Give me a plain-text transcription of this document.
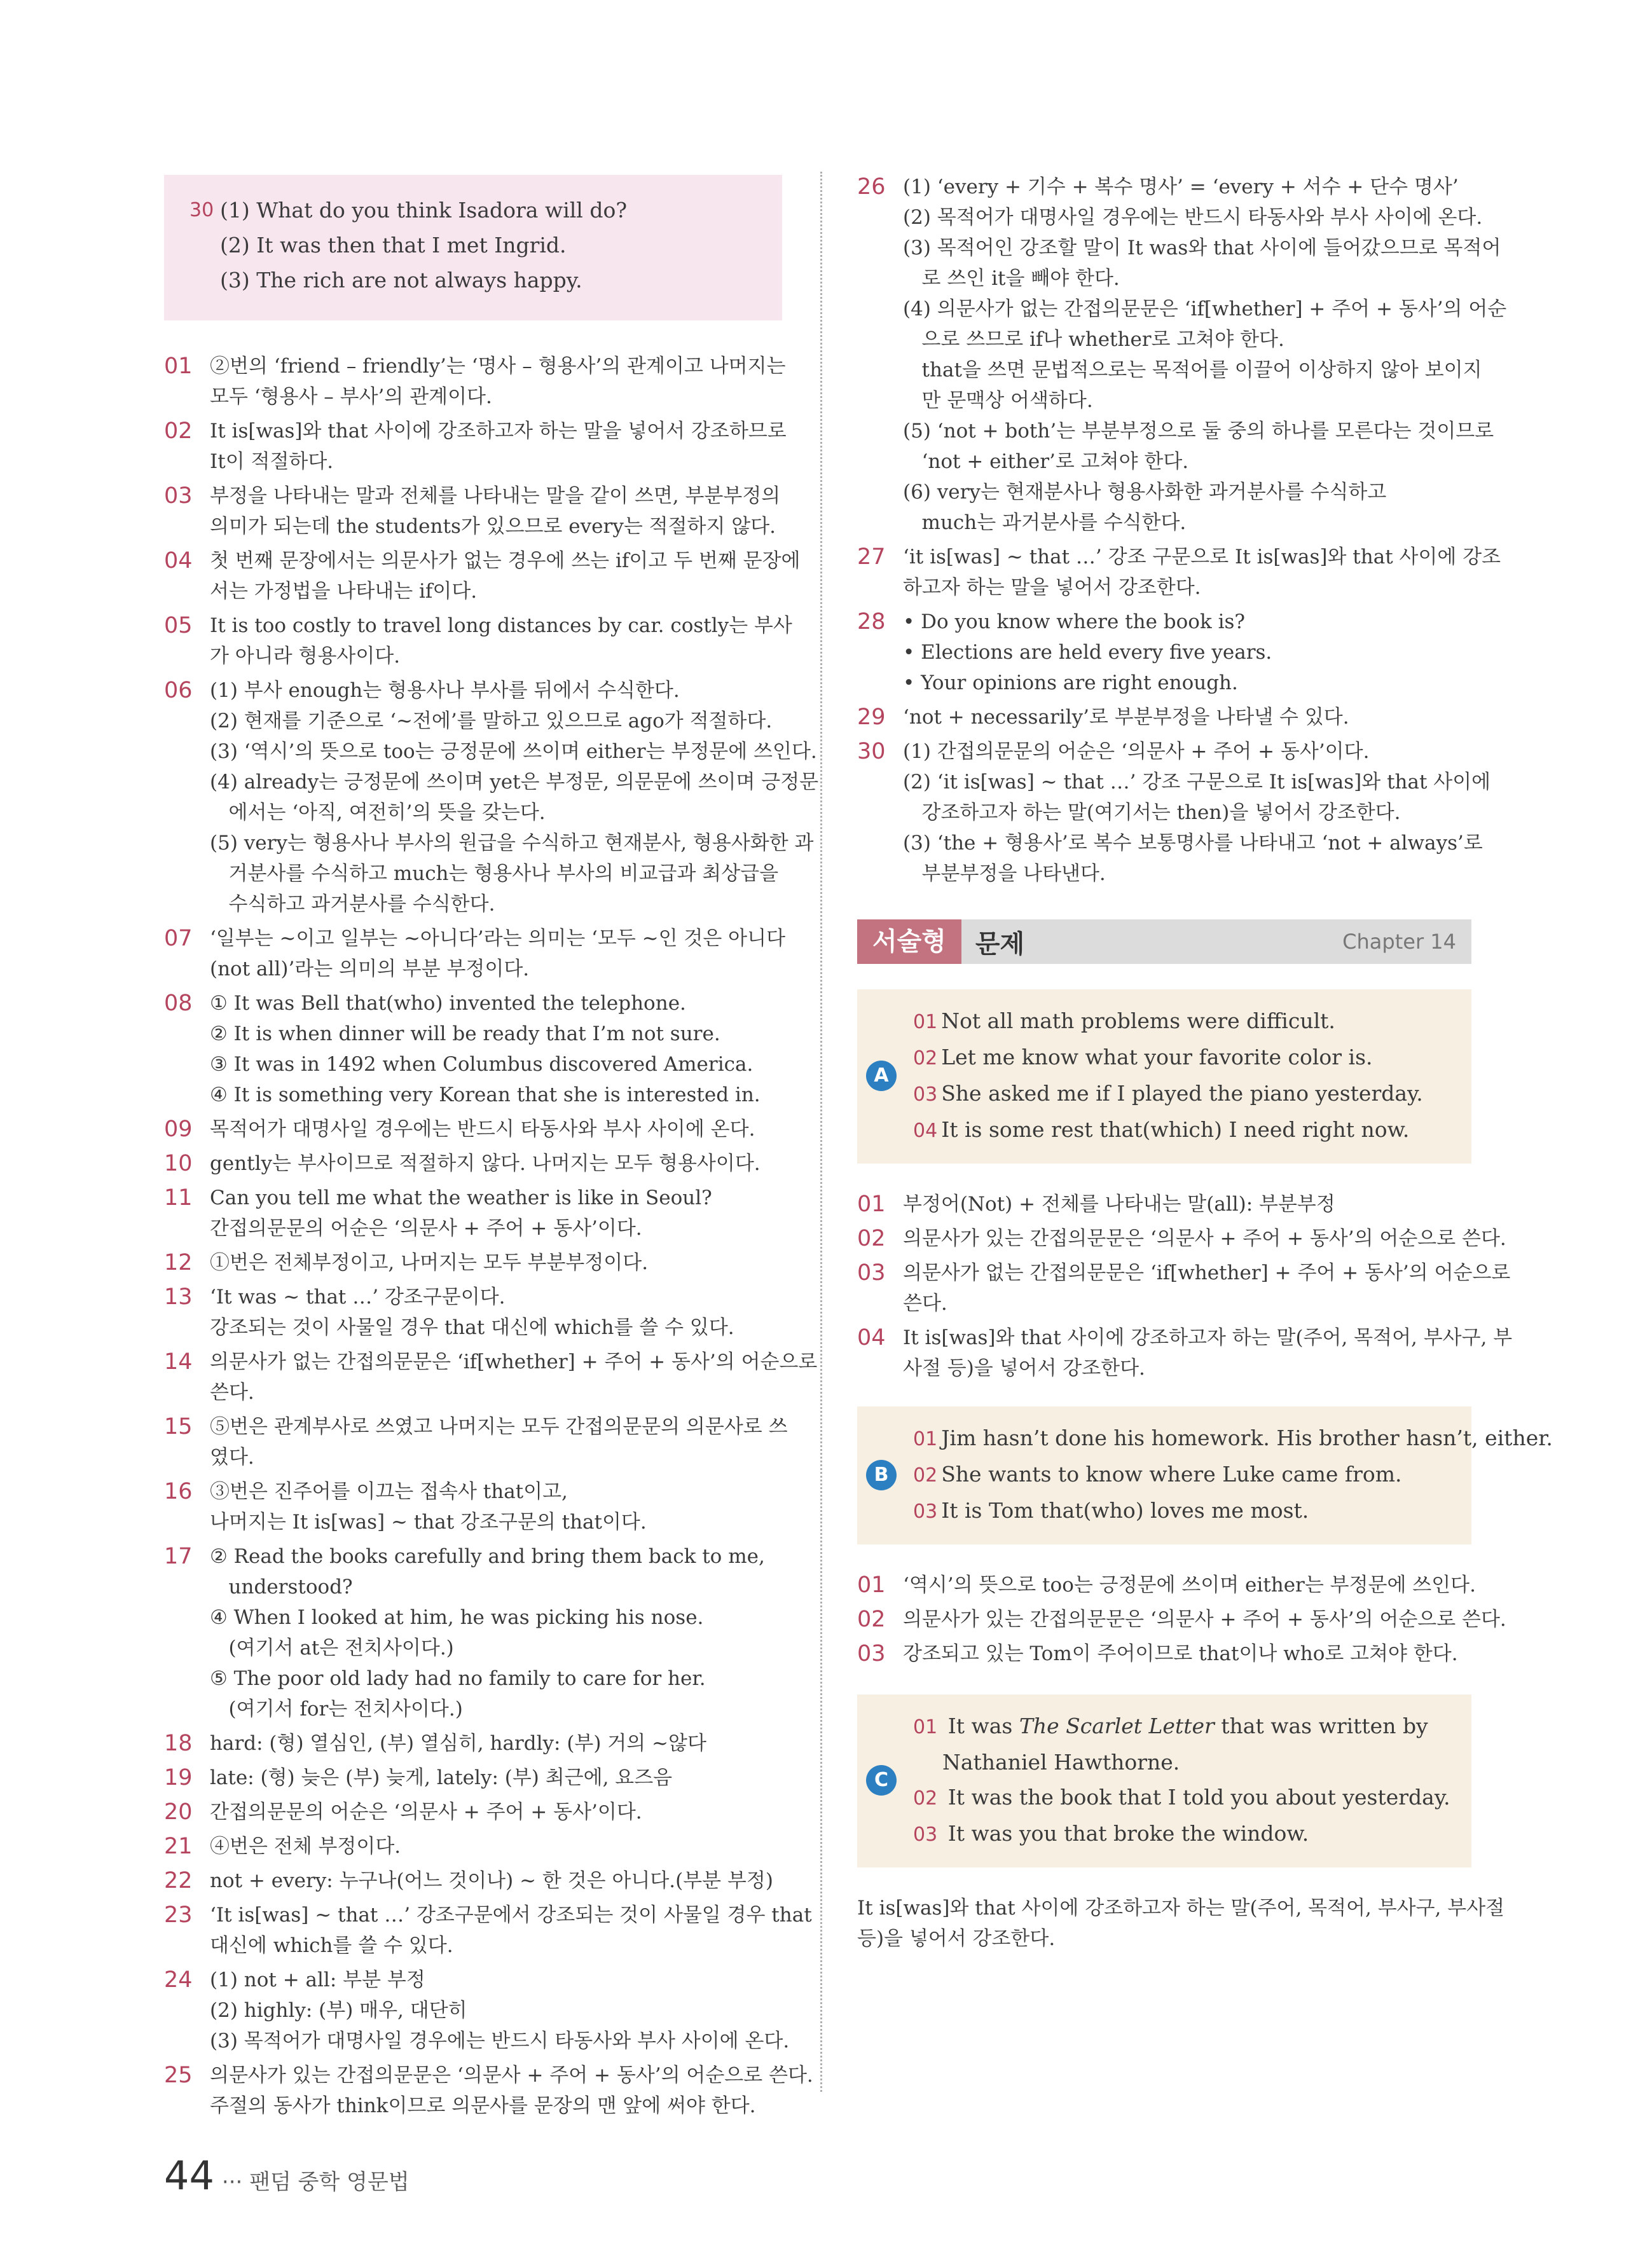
30 (1) What do you think Isadora will do?
(2) It was then that I met Ingrid.
(3) The rich are not always happy.
01 ②번의 ‘friend – friendly’는 ‘명사 – 형용사’의 관계이고 나머지는
모두 ‘형용사 – 부사’의 관계이다.
02 It is[was]와 that 사이에 강조하고자 하는 말을 넣어서 강조하므로
It이 적절하다.
03 부정을 나타내는 말과 전체를 나타내는 말을 같이 쓰면, 부분부정의
의미가 되는데 the students가 있으므로 every는 적절하지 않다.
04 첫 번째 문장에서는 의문사가 없는 경우에 쓰는 if이고 두 번째 문장에
서는 가정법을 나타내는 if이다.
05 It is too costly to travel long distances by car. costly는 부사
가 아니라 형용사이다.
06 (1) 부사 enough는 형용사나 부사를 뒤에서 수식한다.
(2) 현재를 기준으로 ‘~전에’를 말하고 있으므로 ago가 적절하다.
(3) ‘역시’의 뜻으로 too는 긍정문에 쓰이며 either는 부정문에 쓰인다.
(4) already는 긍정문에 쓰이며 yet은 부정문, 의문문에 쓰이며 긍정문
에서는 ‘아직, 여전히’의 뜻을 갖는다.
(5) very는 형용사나 부사의 원급을 수식하고 현재분사, 형용사화한 과
거분사를 수식하고 much는 형용사나 부사의 비교급과 최상급을
수식하고 과거분사를 수식한다.
07 ‘일부는 ~이고 일부는 ~아니다’라는 의미는 ‘모두 ~인 것은 아니다
(not all)’라는 의미의 부분 부정이다.
08 ① It was Bell that(who) invented the telephone.
② It is when dinner will be ready that I’m not sure.
③ It was in 1492 when Columbus discovered America.
④ It is something very Korean that she is interested in.
09 목적어가 대명사일 경우에는 반드시 타동사와 부사 사이에 온다.
10 gently는 부사이므로 적절하지 않다. 나머지는 모두 형용사이다.
11 Can you tell me what the weather is like in Seoul?
간접의문문의 어순은 ‘의문사 + 주어 + 동사’이다.
12 ①번은 전체부정이고, 나머지는 모두 부분부정이다.
13 ‘It was ~ that …’ 강조구문이다.
강조되는 것이 사물일 경우 that 대신에 which를 쓸 수 있다.
14 의문사가 없는 간접의문문은 ‘if[whether] + 주어 + 동사’의 어순으로
쓴다.
15 ⑤번은 관계부사로 쓰였고 나머지는 모두 간접의문문의 의문사로 쓰
였다.
16 ③번은 진주어를 이끄는 접속사 that이고,
나머지는 It is[was] ~ that 강조구문의 that이다.
17 ② Read the books carefully and bring them back to me,
understood?
④ When I looked at him, he was picking his nose.
(여기서 at은 전치사이다.)
⑤ The poor old lady had no family to care for her.
(여기서 for는 전치사이다.)
18 hard: (형) 열심인, (부) 열심히, hardly: (부) 거의 ~않다
19 late: (형) 늦은 (부) 늦게, lately: (부) 최근에, 요즈음
20 간접의문문의 어순은 ‘의문사 + 주어 + 동사’이다.
21 ④번은 전체 부정이다.
22 not + every: 누구나(어느 것이나) ~ 한 것은 아니다.(부분 부정)
23 ‘It is[was] ~ that …’ 강조구문에서 강조되는 것이 사물일 경우 that
대신에 which를 쓸 수 있다.
24 (1) not + all: 부분 부정
(2) highly: (부) 매우, 대단히
(3) 목적어가 대명사일 경우에는 반드시 타동사와 부사 사이에 온다.
25 의문사가 있는 간접의문문은 ‘의문사 + 주어 + 동사’의 어순으로 쓴다.
주절의 동사가 think이므로 의문사를 문장의 맨 앞에 써야 한다.
26 (1) ‘every + 기수 + 복수 명사’ = ‘every + 서수 + 단수 명사’
(2) 목적어가 대명사일 경우에는 반드시 타동사와 부사 사이에 온다.
(3) 목적어인 강조할 말이 It was와 that 사이에 들어갔으므로 목적어
로 쓰인 it을 빼야 한다.
(4) 의문사가 없는 간접의문문은 ‘if[whether] + 주어 + 동사’의 어순
으로 쓰므로 if나 whether로 고쳐야 한다.
that을 쓰면 문법적으로는 목적어를 이끌어 이상하지 않아 보이지
만 문맥상 어색하다.
(5) ‘not + both’는 부분부정으로 둘 중의 하나를 모른다는 것이므로
‘not + either’로 고쳐야 한다.
(6) very는 현재분사나 형용사화한 과거분사를 수식하고
much는 과거분사를 수식한다.
27 ‘it is[was] ~ that …’ 강조 구문으로 It is[was]와 that 사이에 강조
하고자 하는 말을 넣어서 강조한다.
28 • Do you know where the book is?
• Elections are held every five years.
• Your opinions are right enough.
29 ‘not + necessarily’로 부분부정을 나타낼 수 있다.
30 (1) 간접의문문의 어순은 ‘의문사 + 주어 + 동사’이다.
(2) ‘it is[was] ~ that …’ 강조 구문으로 It is[was]와 that 사이에
강조하고자 하는 말(여기서는 then)을 넣어서 강조한다.
(3) ‘the + 형용사’로 복수 보통명사를 나타내고 ‘not + always’로
부분부정을 나타낸다.
서술형	문제	Chapter 14
A
01 Not all math problems were difficult.
02 Let me know what your favorite color is.
03 She asked me if I played the piano yesterday.
04 It is some rest that(which) I need right now.
01 부정어(Not) + 전체를 나타내는 말(all): 부분부정
02 의문사가 있는 간접의문문은 ‘의문사 + 주어 + 동사’의 어순으로 쓴다.
03 의문사가 없는 간접의문문은 ‘if[whether] + 주어 + 동사’의 어순으로
쓴다.
04 It is[was]와 that 사이에 강조하고자 하는 말(주어, 목적어, 부사구, 부
사절 등)을 넣어서 강조한다.
B
01 Jim hasn’t done his homework. His brother hasn’t, either.
02 She wants to know where Luke came from.
03 It is Tom that(who) loves me most.
01 ‘역시’의 뜻으로 too는 긍정문에 쓰이며 either는 부정문에 쓰인다.
02 의문사가 있는 간접의문문은 ‘의문사 + 주어 + 동사’의 어순으로 쓴다.
03 강조되고 있는 Tom이 주어이므로 that이나 who로 고쳐야 한다.
C
01 It was The Scarlet Letter that was written by
Nathaniel Hawthorne.
02 It was the book that I told you about yesterday.
03 It was you that broke the window.
It is[was]와 that 사이에 강조하고자 하는 말(주어, 목적어, 부사구, 부사절
등)을 넣어서 강조한다.
44 ··· 팬덤 중학 영문법
